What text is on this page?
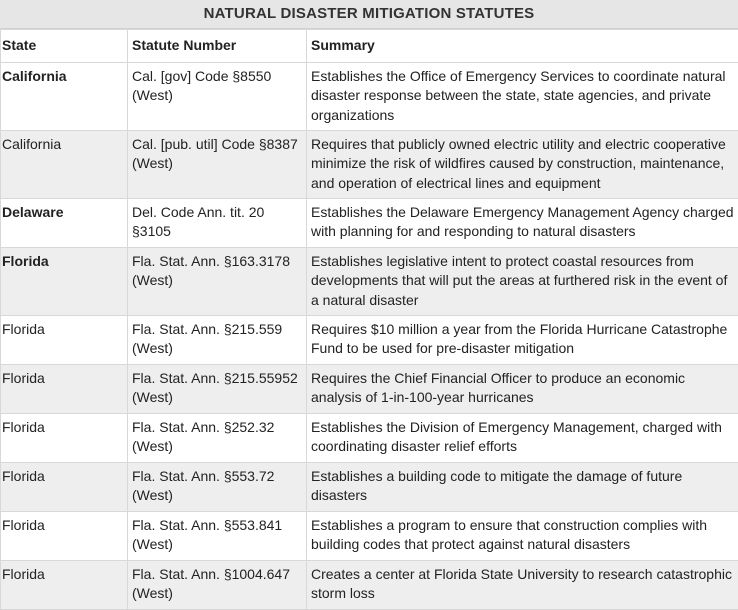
NATURAL DISASTER MITIGATION STATUTES
State	Statute Number	Summary
California	Cal. [gov] Code §8550 (West)	Establishes the Office of Emergency Services to coordinate natural disaster response between the state, state agencies, and private organizations
California	Cal. [pub. util] Code §8387 (West)	Requires that publicly owned electric utility and electric cooperative minimize the risk of wildfires caused by construction, maintenance, and operation of electrical lines and equipment
Delaware	Del. Code Ann. tit. 20 §3105	Establishes the Delaware Emergency Management Agency charged with planning for and responding to natural disasters
Florida	Fla. Stat. Ann. §163.3178 (West)	Establishes legislative intent to protect coastal resources from developments that will put the areas at furthered risk in the event of a natural disaster
Florida	Fla. Stat. Ann. §215.559 (West)	Requires $10 million a year from the Florida Hurricane Catastrophe Fund to be used for pre-disaster mitigation
Florida	Fla. Stat. Ann. §215.55952 (West)	Requires the Chief Financial Officer to produce an economic analysis of 1-in-100-year hurricanes
Florida	Fla. Stat. Ann. §252.32 (West)	Establishes the Division of Emergency Management, charged with coordinating disaster relief efforts
Florida	Fla. Stat. Ann. §553.72 (West)	Establishes a building code to mitigate the damage of future disasters
Florida	Fla. Stat. Ann. §553.841 (West)	Establishes a program to ensure that construction complies with building codes that protect against natural disasters
Florida	Fla. Stat. Ann. §1004.647 (West)	Creates a center at Florida State University to research catastrophic storm loss
